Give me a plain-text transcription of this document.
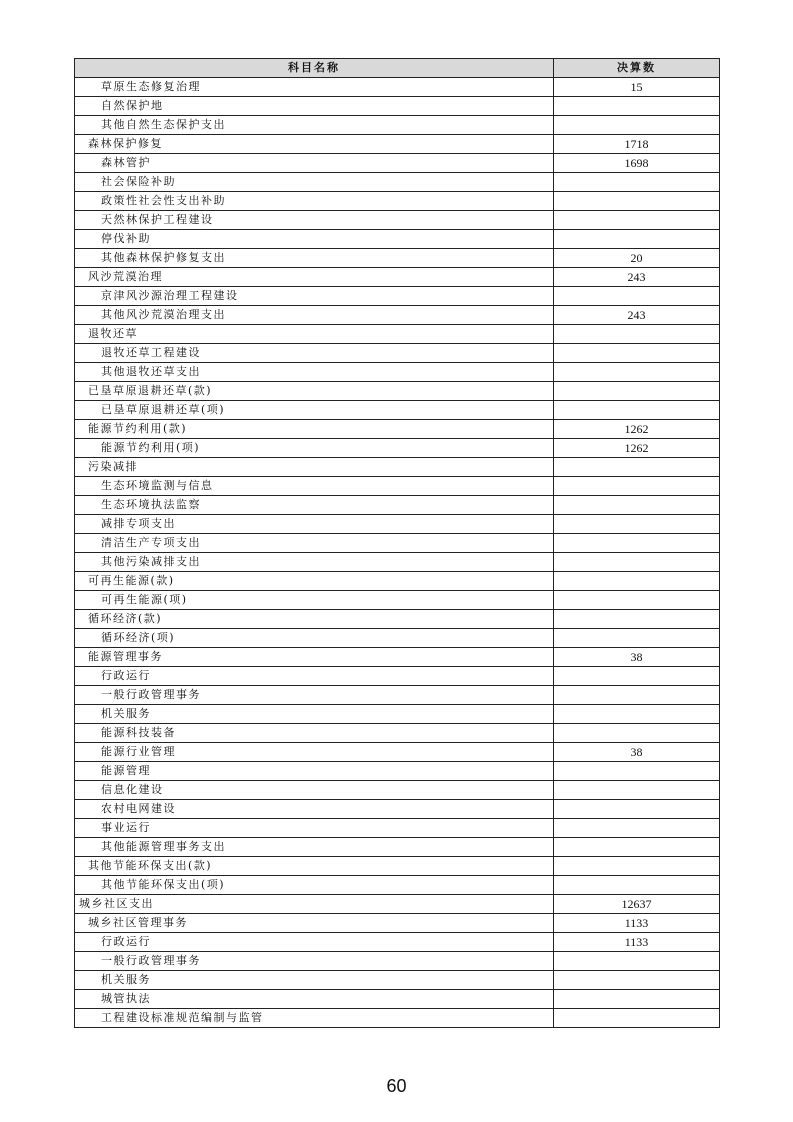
科目名称	决算数
草原生态修复治理	15
自然保护地	
其他自然生态保护支出	
森林保护修复	1718
森林管护	1698
社会保险补助	
政策性社会性支出补助	
天然林保护工程建设	
停伐补助	
其他森林保护修复支出	20
风沙荒漠治理	243
京津风沙源治理工程建设	
其他风沙荒漠治理支出	243
退牧还草	
退牧还草工程建设	
其他退牧还草支出	
已垦草原退耕还草(款)	
已垦草原退耕还草(项)	
能源节约利用(款)	1262
能源节约利用(项)	1262
污染减排	
生态环境监测与信息	
生态环境执法监察	
减排专项支出	
清洁生产专项支出	
其他污染减排支出	
可再生能源(款)	
可再生能源(项)	
循环经济(款)	
循环经济(项)	
能源管理事务	38
行政运行	
一般行政管理事务	
机关服务	
能源科技装备	
能源行业管理	38
能源管理	
信息化建设	
农村电网建设	
事业运行	
其他能源管理事务支出	
其他节能环保支出(款)	
其他节能环保支出(项)	
城乡社区支出	12637
城乡社区管理事务	1133
行政运行	1133
一般行政管理事务	
机关服务	
城管执法	
工程建设标准规范编制与监管	
60
